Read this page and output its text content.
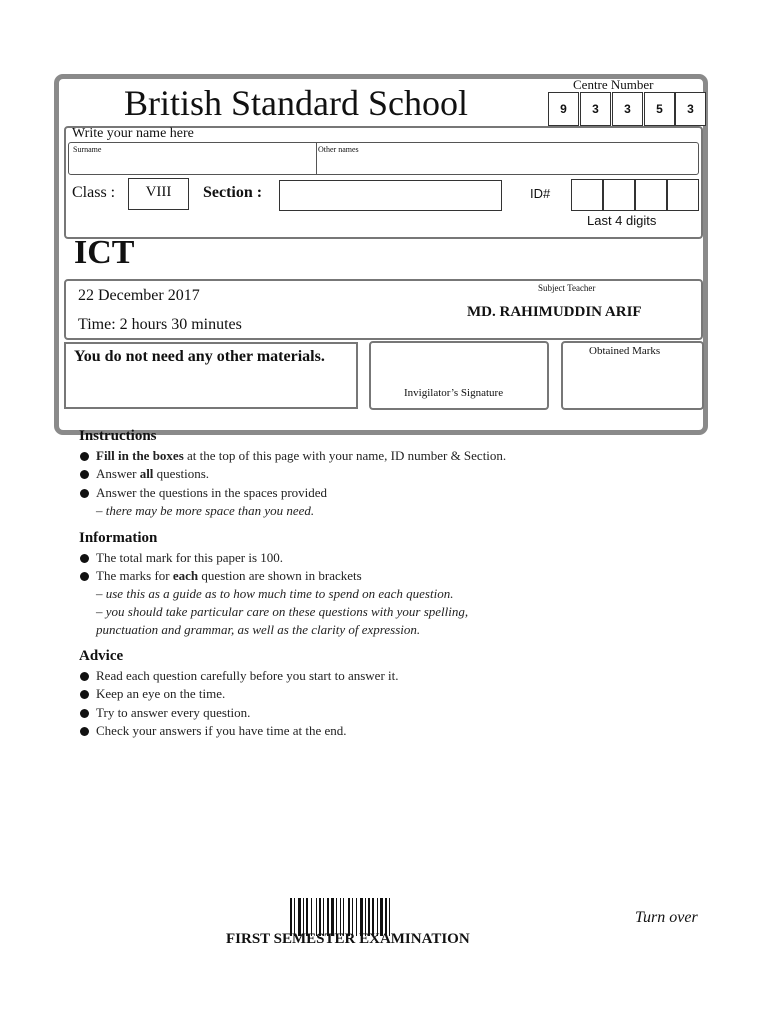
British Standard School	Centre Number
9	3	3	5	3
Write your name here
Surname	Other names
Class :	VIII	Section :	ID#
Last 4 digits
ICT
22 December 2017
Time: 2 hours 30 minutes
Subject Teacher
MD. RAHIMUDDIN ARIF
You do not need any other materials.
Invigilator’s Signature
Obtained Marks
Instructions
Fill in the boxes at the top of this page with your name, ID number & Section.
Answer all questions.
Answer the questions in the spaces provided
– there may be more space than you need.
Information
The total mark for this paper is 100.
The marks for each question are shown in brackets
– use this as a guide as to how much time to spend on each question.
– you should take particular care on these questions with your spelling,
punctuation and grammar, as well as the clarity of expression.
Advice
Read each question carefully before you start to answer it.
Keep an eye on the time.
Try to answer every question.
Check your answers if you have time at the end.
FIRST SEMESTER EXAMINATION
Turn over
